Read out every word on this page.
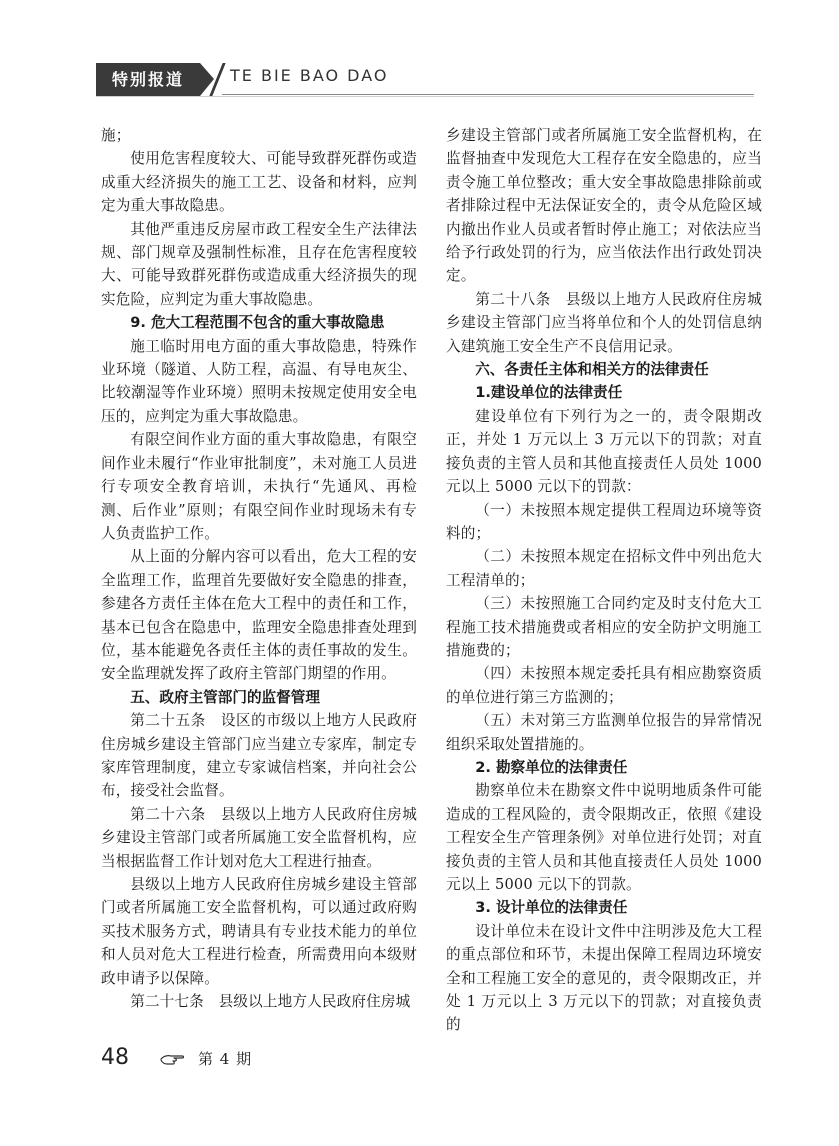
特别报道	TE BIE BAO DAO

施；

使用危害程度较大、可能导致群死群伤或造成重大经济损失的施工工艺、设备和材料，应判定为重大事故隐患。

其他严重违反房屋市政工程安全生产法律法规、部门规章及强制性标准，且存在危害程度较大、可能导致群死群伤或造成重大经济损失的现实危险，应判定为重大事故隐患。

9. 危大工程范围不包含的重大事故隐患

施工临时用电方面的重大事故隐患，特殊作业环境（隧道、人防工程，高温、有导电灰尘、比较潮湿等作业环境）照明未按规定使用安全电压的，应判定为重大事故隐患。

有限空间作业方面的重大事故隐患，有限空间作业未履行“作业审批制度”，未对施工人员进行专项安全教育培训，未执行“先通风、再检测、后作业”原则；有限空间作业时现场未有专人负责监护工作。

从上面的分解内容可以看出，危大工程的安全监理工作，监理首先要做好安全隐患的排查，参建各方责任主体在危大工程中的责任和工作，基本已包含在隐患中，监理安全隐患排查处理到位，基本能避免各责任主体的责任事故的发生。安全监理就发挥了政府主管部门期望的作用。

五、政府主管部门的监督管理

第二十五条　设区的市级以上地方人民政府住房城乡建设主管部门应当建立专家库，制定专家库管理制度，建立专家诚信档案，并向社会公布，接受社会监督。

第二十六条　县级以上地方人民政府住房城乡建设主管部门或者所属施工安全监督机构，应当根据监督工作计划对危大工程进行抽查。

县级以上地方人民政府住房城乡建设主管部门或者所属施工安全监督机构，可以通过政府购买技术服务方式，聘请具有专业技术能力的单位和人员对危大工程进行检查，所需费用向本级财政申请予以保障。

第二十七条　县级以上地方人民政府住房城

乡建设主管部门或者所属施工安全监督机构，在监督抽查中发现危大工程存在安全隐患的，应当责令施工单位整改；重大安全事故隐患排除前或者排除过程中无法保证安全的，责令从危险区域内撤出作业人员或者暂时停止施工；对依法应当给予行政处罚的行为，应当依法作出行政处罚决定。

第二十八条　县级以上地方人民政府住房城乡建设主管部门应当将单位和个人的处罚信息纳入建筑施工安全生产不良信用记录。

六、各责任主体和相关方的法律责任

1.建设单位的法律责任

建设单位有下列行为之一的，责令限期改正，并处 1 万元以上 3 万元以下的罚款；对直接负责的主管人员和其他直接责任人员处 1000 元以上 5000 元以下的罚款：

（一）未按照本规定提供工程周边环境等资料的；

（二）未按照本规定在招标文件中列出危大工程清单的；

（三）未按照施工合同约定及时支付危大工程施工技术措施费或者相应的安全防护文明施工措施费的；

（四）未按照本规定委托具有相应勘察资质的单位进行第三方监测的；

（五）未对第三方监测单位报告的异常情况组织采取处置措施的。

2. 勘察单位的法律责任

勘察单位未在勘察文件中说明地质条件可能造成的工程风险的，责令限期改正，依照《建设工程安全生产管理条例》对单位进行处罚；对直接负责的主管人员和其他直接责任人员处 1000 元以上 5000 元以下的罚款。

3. 设计单位的法律责任

设计单位未在设计文件中注明涉及危大工程的重点部位和环节，未提出保障工程周边环境安全和工程施工安全的意见的，责令限期改正，并处 1 万元以上 3 万元以下的罚款；对直接负责的

48	第 4 期
